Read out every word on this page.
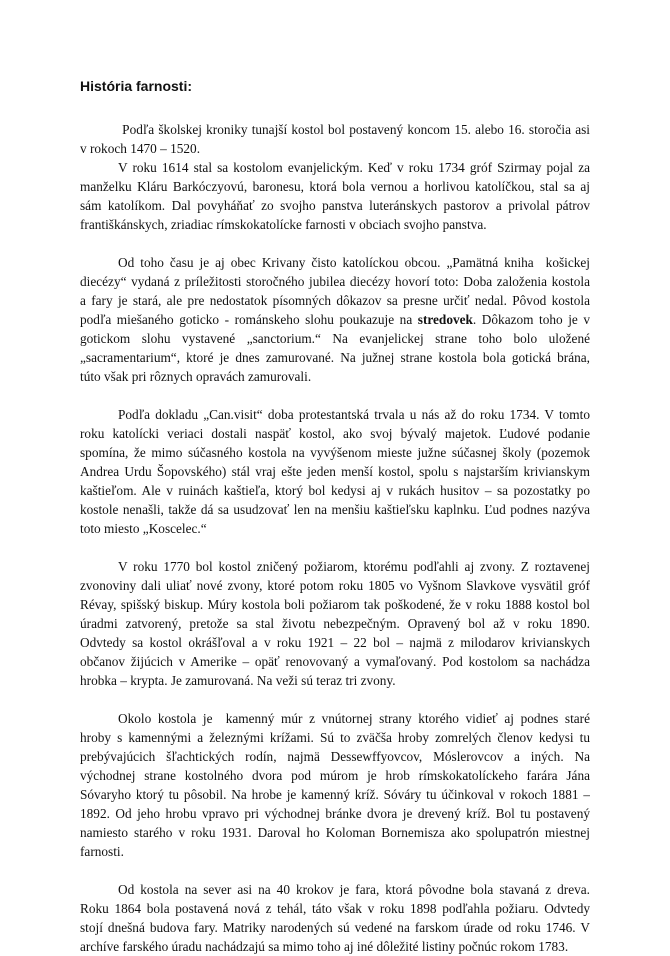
História farnosti:
Podľa školskej kroniky tunajší kostol bol postavený koncom 15. alebo 16. storočia asi
v rokoch 1470 – 1520.
V roku 1614 stal sa kostolom evanjelickým. Keď v roku 1734 gróf Szirmay pojal za
manželku Kláru Barkóczyovú, baronesu, ktorá bola vernou a horlivou katolíčkou, stal sa aj
sám katolíkom. Dal povyháňať zo svojho panstva luteránskych pastorov a privolal pátrov
františkánskych, zriadiac rímskokatolícke farnosti v obciach svojho panstva.
Od toho času je aj obec Krivany čisto katolíckou obcou. „Pamätná kniha  košickej
diecézy“ vydaná z príležitosti storočného jubilea diecézy hovorí toto: Doba založenia kostola
a fary je stará, ale pre nedostatok písomných dôkazov sa presne určiť nedal. Pôvod kostola
podľa miešaného goticko - románskeho slohu poukazuje na stredovek. Dôkazom toho je v
gotickom slohu vystavené „sanctorium.“ Na evanjelickej strane toho bolo uložené
„sacramentarium“, ktoré je dnes zamurované. Na južnej strane kostola bola gotická brána,
túto však pri rôznych opravách zamurovali.
Podľa dokladu „Can.visit“ doba protestantská trvala u nás až do roku 1734. V tomto
roku katolícki veriaci dostali naspäť kostol, ako svoj bývalý majetok. Ľudové podanie
spomína, že mimo súčasného kostola na vyvýšenom mieste južne súčasnej školy (pozemok
Andrea Urdu Šopovského) stál vraj ešte jeden menší kostol, spolu s najstarším krivianskym
kaštieľom. Ale v ruinách kaštieľa, ktorý bol kedysi aj v rukách husitov – sa pozostatky po
kostole nenašli, takže dá sa usudzovať len na menšiu kaštieľsku kaplnku. Ľud podnes nazýva
toto miesto „Koscelec.“
V roku 1770 bol kostol zničený požiarom, ktorému podľahli aj zvony. Z roztavenej
zvonoviny dali uliať nové zvony, ktoré potom roku 1805 vo Vyšnom Slavkove vysvätil gróf
Révay, spišský biskup. Múry kostola boli požiarom tak poškodené, že v roku 1888 kostol bol
úradmi zatvorený, pretože sa stal životu nebezpečným. Opravený bol až v roku 1890.
Odvtedy sa kostol okrášľoval a v roku 1921 – 22 bol – najmä z milodarov krivianskych
občanov žijúcich v Amerike – opäť renovovaný a vymaľovaný. Pod kostolom sa nachádza
hrobka – krypta. Je zamurovaná. Na veži sú teraz tri zvony.
Okolo kostola je  kamenný múr z vnútornej strany ktorého vidieť aj podnes staré
hroby s kamennými a železnými krížami. Sú to zväčša hroby zomrelých členov kedysi tu
prebývajúcich šľachtických rodín, najmä Dessewffyovcov, Móslerovcov a iných. Na
východnej strane kostolného dvora pod múrom je hrob rímskokatolíckeho farára Jána
Sóvaryho ktorý tu pôsobil. Na hrobe je kamenný kríž. Sóváry tu účinkoval v rokoch 1881 –
1892. Od jeho hrobu vpravo pri východnej bránke dvora je drevený kríž. Bol tu postavený
namiesto starého v roku 1931. Daroval ho Koloman Bornemisza ako spolupatrón miestnej
farnosti.
Od kostola na sever asi na 40 krokov je fara, ktorá pôvodne bola stavaná z dreva.
Roku 1864 bola postavená nová z tehál, táto však v roku 1898 podľahla požiaru. Odvtedy
stojí dnešná budova fary. Matriky narodených sú vedené na farskom úrade od roku 1746. V
archíve farského úradu nachádzajú sa mimo toho aj iné dôležité listiny počnúc rokom 1783.
